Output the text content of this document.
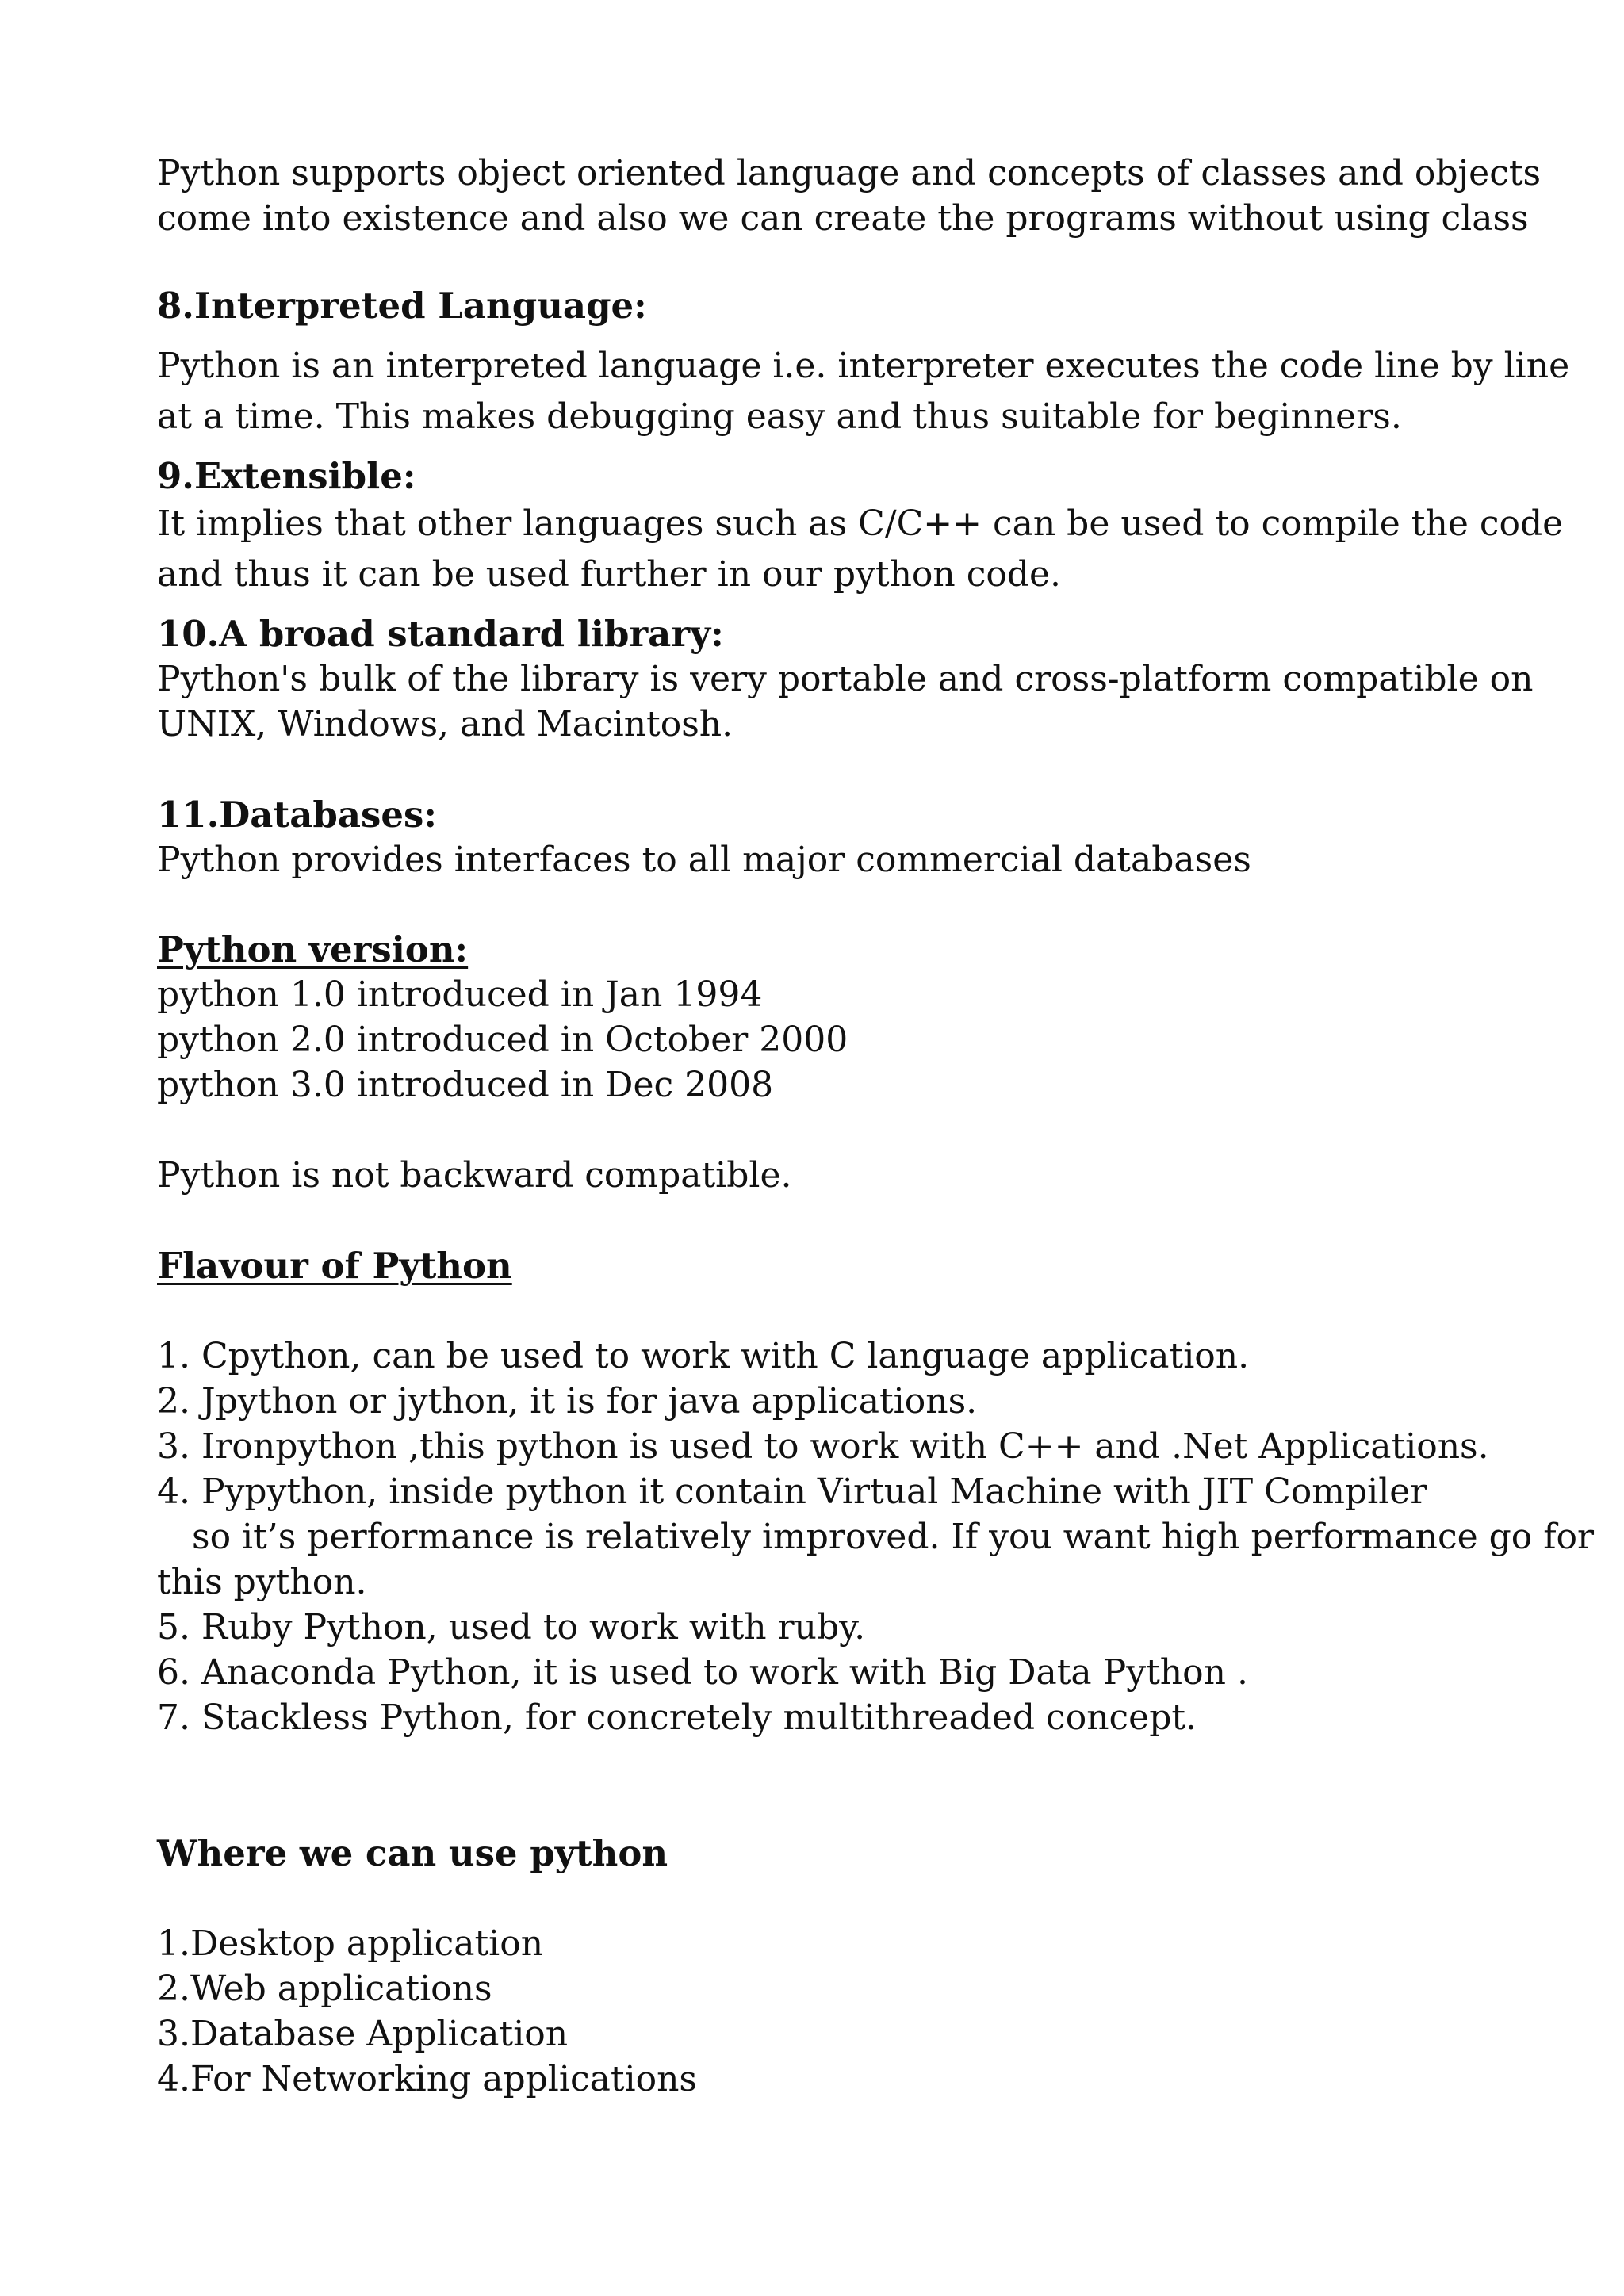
Python supports object oriented language and concepts of classes and objects
come into existence and also we can create the programs without using class

8.Interpreted Language:

Python is an interpreted language i.e. interpreter executes the code line by line
at a time. This makes debugging easy and thus suitable for beginners.

9.Extensible:

It implies that other languages such as C/C++ can be used to compile the code
and thus it can be used further in our python code.

10.A broad standard library:

Python's bulk of the library is very portable and cross-platform compatible on
UNIX, Windows, and Macintosh.

11.Databases:

Python provides interfaces to all major commercial databases

Python version:
python 1.0 introduced in Jan 1994
python 2.0 introduced in October 2000
python 3.0 introduced in Dec 2008

Python is not backward compatible.

Flavour of Python
1. Cpython, can be used to work with C language application.
2. Jpython or jython, it is for java applications.
3. Ironpython ,this python is used to work with C++ and .Net Applications.
4. Pypython, inside python it contain Virtual Machine with JIT Compiler
so it’s performance is relatively improved. If you want high performance go for
this python.
5. Ruby Python, used to work with ruby.
6. Anaconda Python, it is used to work with Big Data Python .
7. Stackless Python, for concretely multithreaded concept.
Where we can use python
1.Desktop application
2.Web applications
3.Database Application
4.For Networking applications
